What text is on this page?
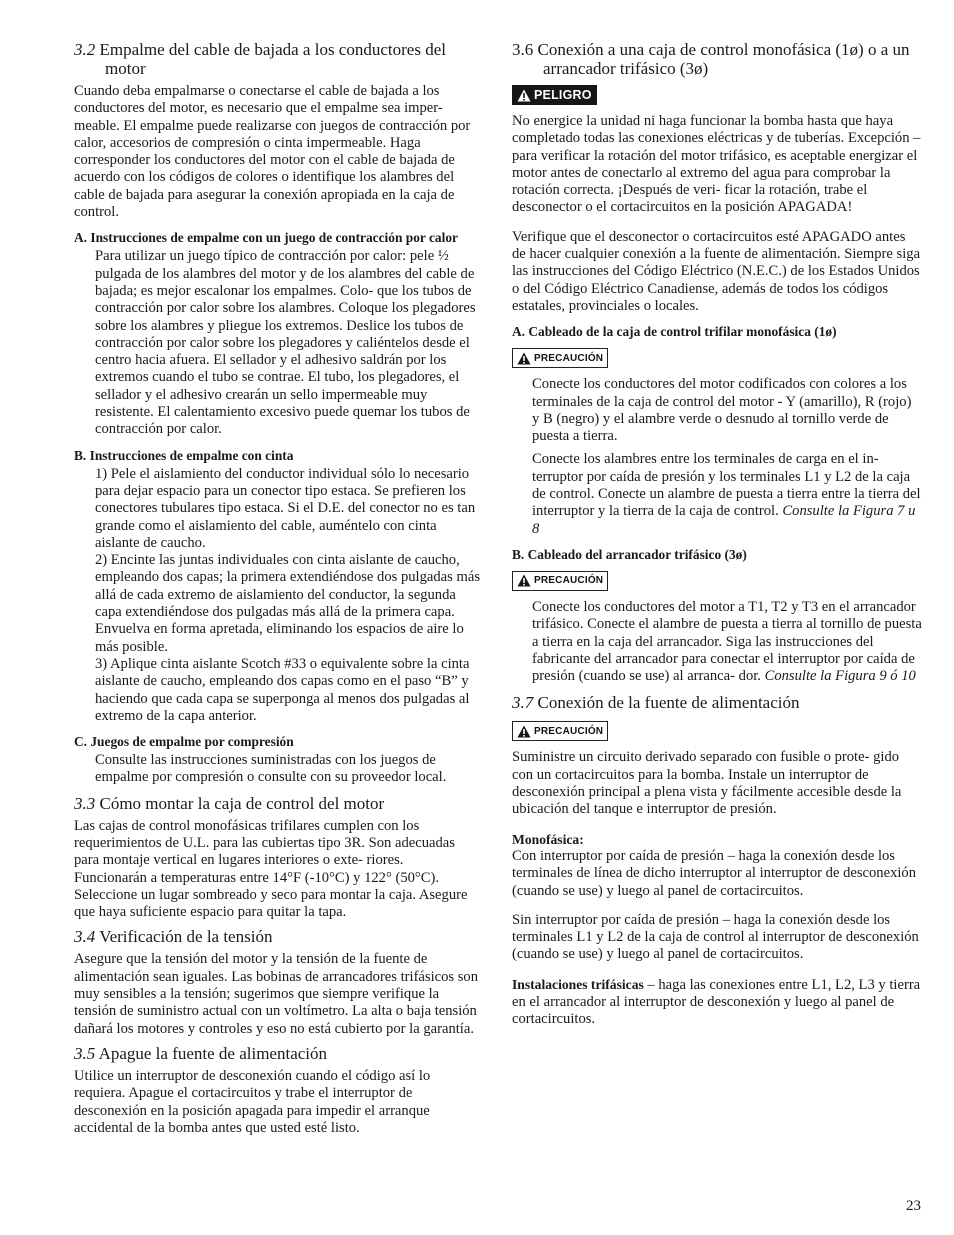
3.2 Empalme del cable de bajada a los conductores del motor

Cuando deba empalmarse o conectarse el cable de bajada a los conductores del motor, es necesario que el empalme sea imper-meable. El empalme puede realizarse con juegos de contracción por calor, accesorios de compresión o cinta impermeable. Haga corresponder los conductores del motor con el cable de bajada de acuerdo con los códigos de colores o identifique los alambres del cable de bajada para asegurar la conexión apropiada en la caja de control.

A. Instrucciones de empalme con un juego de contracción por calor

Para utilizar un juego típico de contracción por calor: pele ½ pulgada de los alambres del motor y de los alambres del cable de bajada; es mejor escalonar los empalmes. Colo- que los tubos de contracción por calor sobre los alambres. Coloque los plegadores sobre los alambres y pliegue los extremos. Deslice los tubos de contracción por calor sobre los plegadores y caliéntelos desde el centro hacia afuera. El sellador y el adhesivo saldrán por los extremos cuando el tubo se contrae. El tubo, los plegadores, el sellador y el adhesivo crearán un sello impermeable muy resistente. El calentamiento excesivo puede quemar los tubos de contracción por calor.

B. Instrucciones de empalme con cinta

1) Pele el aislamiento del conductor individual sólo lo necesario para dejar espacio para un conector tipo estaca. Se prefieren los conectores tubulares tipo estaca. Si el D.E. del conector no es tan grande como el aislamiento del cable, auméntelo con cinta aislante de caucho.

2) Encinte las juntas individuales con cinta aislante de caucho, empleando dos capas; la primera extendiéndose dos pulgadas más allá de cada extremo de aislamiento del conductor, la segunda capa extendiéndose dos pulgadas más allá de la primera capa. Envuelva en forma apretada, eliminando los espacios de aire lo más posible.

3) Aplique cinta aislante Scotch #33 o equivalente sobre la cinta aislante de caucho, empleando dos capas como en el paso “B” y haciendo que cada capa se superponga al menos dos pulgadas al extremo de la capa anterior.

C. Juegos de empalme por compresión

Consulte las instrucciones suministradas con los juegos de empalme por compresión o consulte con su proveedor local.

3.3 Cómo montar la caja de control del motor

Las cajas de control monofásicas trifilares cumplen con los requerimientos de U.L. para las cubiertas tipo 3R. Son adecuadas para montaje vertical en lugares interiores o exte- riores. Funcionarán a temperaturas entre 14°F (-10°C) y 122° (50°C). Seleccione un lugar sombreado y seco para montar la caja. Asegure que haya suficiente espacio para quitar la tapa.

3.4 Verificación de la tensión

Asegure que la tensión del motor y la tensión de la fuente de alimentación sean iguales. Las bobinas de arrancadores trifásicos son muy sensibles a la tensión; sugerimos que siempre verifique la tensión de suministro actual con un voltímetro. La alta o baja tensión dañará los motores y controles y eso no está cubierto por la garantía.

3.5 Apague la fuente de alimentación

Utilice un interruptor de desconexión cuando el código así lo requiera. Apague el cortacircuitos y trabe el interruptor de desconexión en la posición apagada para impedir el arranque accidental de la bomba antes que usted esté listo.

3.6 Conexión a una caja de control monofásica (1ø) o a un arrancador trifásico (3ø)
PELIGRO

No energice la unidad ni haga funcionar la bomba hasta que haya completado todas las conexiones eléctricas y de tuberías. Excepción – para verificar la rotación del motor trifásico, es aceptable energizar el motor antes de conectarlo al extremo del agua para comprobar la rotación correcta. ¡Después de veri- ficar la rotación, trabe el desconector o el cortacircuitos en la posición APAGADA!

Verifique que el desconector o cortacircuitos esté APAGADO antes de hacer cualquier conexión a la fuente de alimentación. Siempre siga las instrucciones del Código Eléctrico (N.E.C.) de los Estados Unidos o del Código Eléctrico Canadiense, además de todos los códigos estatales, provinciales o locales.

A. Cableado de la caja de control trifilar monofásica (1ø)
PRECAUCIÓN

Conecte los conductores del motor codificados con colores a los terminales de la caja de control del motor - Y (amarillo), R (rojo) y B (negro) y el alambre verde o desnudo al tornillo verde de puesta a tierra.

Conecte los alambres entre los terminales de carga en el in- terruptor por caída de presión y los terminales L1 y L2 de la caja de control. Conecte un alambre de puesta a tierra entre la tierra del interruptor y la tierra de la caja de control. Consulte la Figura 7 u 8

B. Cableado del arrancador trifásico (3ø)
PRECAUCIÓN

Conecte los conductores del motor a T1, T2 y T3 en el arrancador trifásico. Conecte el alambre de puesta a tierra al tornillo de puesta a tierra en la caja del arrancador. Siga las instrucciones del fabricante del arrancador para conectar el interruptor por caída de presión (cuando se use) al arranca- dor. Consulte la Figura 9 ó 10

3.7 Conexión de la fuente de alimentación
PRECAUCIÓN

Suministre un circuito derivado separado con fusible o prote- gido con un cortacircuitos para la bomba. Instale un interruptor de desconexión principal a plena vista y fácilmente accesible desde la ubicación del tanque e interruptor de presión.

Monofásica:

Con interruptor por caída de presión – haga la conexión desde los terminales de línea de dicho interruptor al interruptor de desconexión (cuando se use) y luego al panel de cortacircuitos.

Sin interruptor por caída de presión – haga la conexión desde los terminales L1 y L2 de la caja de control al interruptor de desconexión (cuando se use) y luego al panel de cortacircuitos.

Instalaciones trifásicas – haga las conexiones entre L1, L2, L3 y tierra en el arrancador al interruptor de desconexión y luego al panel de cortacircuitos.

23
